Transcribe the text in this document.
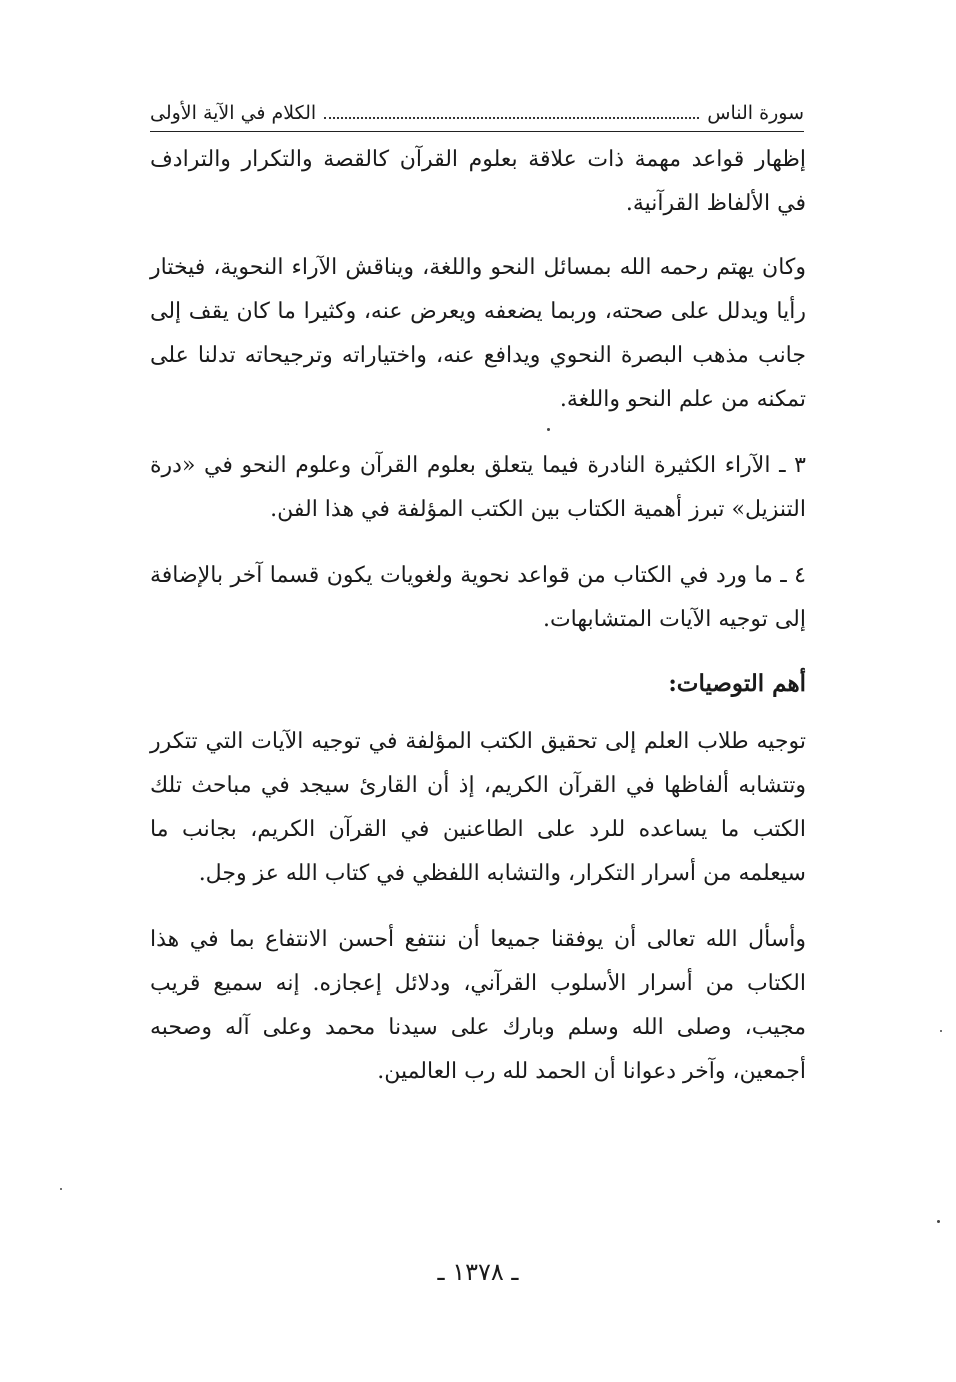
سورة الناس
الكلام في الآية الأولى

إظهار قواعد مهمة ذات علاقة بعلوم القرآن كالقصة والتكرار والترادف في الألفاظ القرآنية.

وكان يهتم رحمه الله بمسائل النحو واللغة، ويناقش الآراء النحوية، فيختار رأيا ويدلل على صحته، وربما يضعفه ويعرض عنه، وكثيرا ما كان يقف إلى جانب مذهب البصرة النحوي ويدافع عنه، واختياراته وترجيحاته تدلنا على تمكنه من علم النحو واللغة.

٣ ـ الآراء الكثيرة النادرة فيما يتعلق بعلوم القرآن وعلوم النحو في «درة التنزيل» تبرز أهمية الكتاب بين الكتب المؤلفة في هذا الفن.

٤ ـ ما ورد في الكتاب من قواعد نحوية ولغويات يكون قسما آخر بالإضافة إلى توجيه الآيات المتشابهات.

أهم التوصيات:

توجيه طلاب العلم إلى تحقيق الكتب المؤلفة في توجيه الآيات التي تتكرر وتتشابه ألفاظها في القرآن الكريم، إذ أن القارئ سيجد في مباحث تلك الكتب ما يساعده للرد على الطاعنين في القرآن الكريم، بجانب ما سيعلمه من أسرار التكرار، والتشابه اللفظي في كتاب الله عز وجل.

وأسأل الله تعالى أن يوفقنا جميعا أن ننتفع أحسن الانتفاع بما في هذا الكتاب من أسرار الأسلوب القرآني، ودلائل إعجازه. إنه سميع قريب مجيب، وصلى الله وسلم وبارك على سيدنا محمد وعلى آله وصحبه أجمعين، وآخر دعوانا أن الحمد لله رب العالمين.

ـ ١٣٧٨ ـ
